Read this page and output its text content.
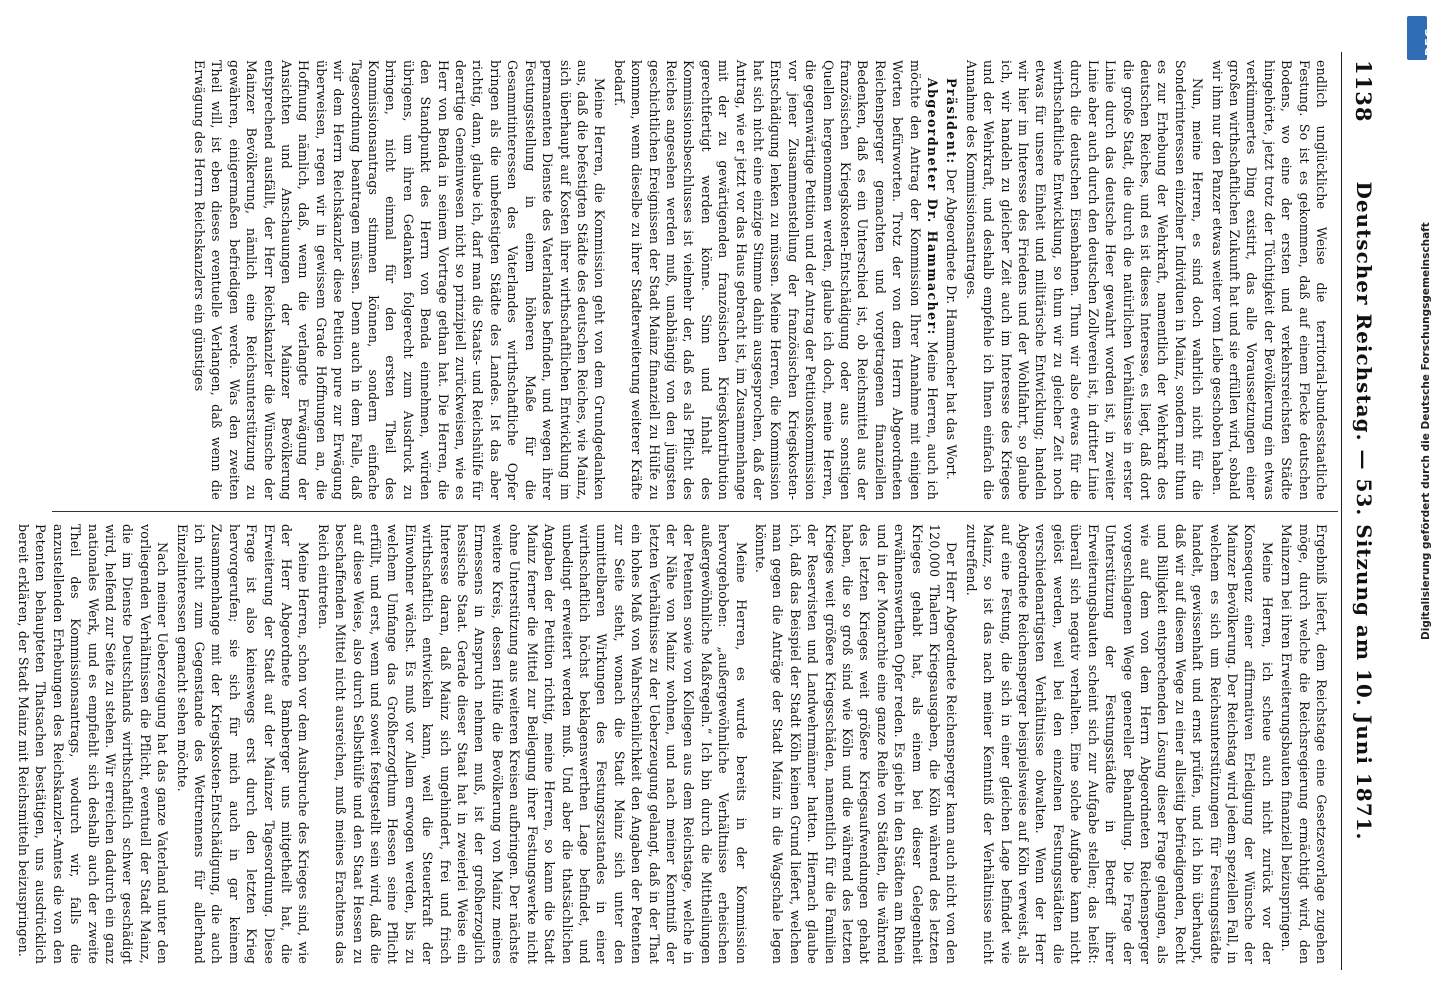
1138
Deutscher Reichstag. — 53. Sitzung am 10. Juni 1871.

endlich unglückliche Weise die territorial-bundesstaatliche Festung. So ist es gekommen, daß auf einem Flecke deutschen Bodens, wo eine der ersten und verkehrsreichsten Städte hingehörte, jetzt trotz der Tüchtigkeit der Bevölkerung ein etwas verkümmertes Ding existirt, das alle Voraussetzungen einer großen wirthschaftlichen Zukunft hat und sie erfüllen wird, sobald wir ihm nur den Panzer etwas weiter vom Leibe geschoben haben.

Nun, meine Herren, es sind doch wahrlich nicht für die Sonderinteressen einzelner Individuen in Mainz, sondern mir thun es zur Erhebung der Wehrkraft, namentlich der Wehrkraft des deutschen Reiches, und es ist dieses Interesse, es liegt, daß dort die große Stadt, die durch die natürlichen Verhältnisse in erster Linie durch das deutsche Heer gewahrt worden ist, in zweiter Linie aber auch durch den deutschen Zollverein ist, in dritter Linie durch die deutschen Eisenbahnen. Thun wir also etwas für die wirthschaftliche Entwicklung, so thun wir zu gleicher Zeit noch etwas für unsere Einheit und militärische Entwicklung; handeln wir hier im Interesse des Friedens und der Wohlfahrt, so glaube ich, wir handeln zu gleicher Zeit auch im Interesse des Krieges und der Wehrkraft, und deshalb empfehle ich Ihnen einfach die Annahme des Kommissionsantrages.

Präsident: Der Abgeordnete Dr. Hammacher hat das Wort.

Abgeordneter Dr. Hammacher: Meine Herren, auch ich möchte den Antrag der Kommission Ihrer Annahme mit einigen Worten befürworten. Trotz der von dem Herrn Abgeordneten Reichensperger gemachten und vorgetragenen finanziellen Bedenken, daß es ein Unterschied ist, ob Reichsmittel aus der französischen Kriegskosten-Entschädigung oder aus sonstigen Quellen hergenommen werden, glaube ich doch, meine Herren, die gegenwärtige Petition und der Antrag der Petitionskommission vor jener Zusammenstellung der französischen Kriegskosten-Entschädigung lenken zu müssen. Meine Herren, die Kommission hat sich nicht eine einzige Stimme dahin ausgesprochen, daß der Antrag, wie er jetzt vor das Haus gebracht ist, im Zusammenhange mit der zu gewärtigenden französischen Kriegskontribution gerechtfertigt werden könne. Sinn und Inhalt des Kommissionsbeschlusses ist vielmehr der, daß es als Pflicht des Reiches angesehen werden muß, unabhängig von den jüngsten geschichtlichen Ereignissen der Stadt Mainz finanziell zu Hülfe zu kommen, wenn dieselbe zu ihrer Stadterweiterung weiterer Kräfte bedarf.

Meine Herren, die Kommission geht von dem Grundgedanken aus, daß die befestigten Städte des deutschen Reiches, wie Mainz, sich überhaupt auf Kosten ihrer wirthschaftlichen Entwicklung im permanenten Dienste des Vaterlandes befinden, und wegen ihrer Festungsstellung in einem höheren Maße für die Gesammtinteressen des Vaterlandes wirthschaftliche Opfer bringen als die unbefestigten Städte des Landes. Ist das aber richtig, dann, glaube ich, darf man die Staats- und Reichshülfe für derartige Gemeinwesen nicht so prinzipiell zurückweisen, wie es Herr von Benda in seinem Vortrage gethan hat. Die Herren, die den Standpunkt des Herrn von Benda einnehmen, würden übrigens, um ihren Gedanken folgerecht zum Ausdruck zu bringen, nicht einmal für den ersten Theil des Kommissionsantrags stimmen können, sondern einfache Tagesordnung beantragen müssen. Denn auch in dem Falle, daß wir dem Herrn Reichskanzler diese Petition pure zur Erwägung überweisen, regen wir in gewissem Grade Hoffnungen an, die Hoffnung nämlich, daß, wenn die verlangte Erwägung der Ansichten und Anschauungen der Mainzer Bevölkerung entsprechend ausfällt, der Herr Reichskanzler die Wünsche der Mainzer Bevölkerung, nämlich eine Reichsunterstützung zu gewähren, einigermaßen befriedigen werde. Was den zweiten Theil will, ist eben dieses eventuelle Verlangen, daß wenn die Erwägung des Herrn Reichskanzlers ein günstiges

Ergebniß liefert, dem Reichstage eine Gesetzesvorlage zugehen möge, durch welche die Reichsregierung ermächtigt wird, den Mainzern bei ihren Erweiterungsbauten finanziell beizuspringen.

Meine Herren, ich scheue auch nicht zurück vor der Konsequenz einer affirmativen Erledigung der Wünsche der Mainzer Bevölkerung. Der Reichstag wird jedem speziellen Fall, in welchem es sich um Reichsunterstützungen für Festungsstädte handelt, gewissenhaft und ernst prüfen, und ich bin überhaupt, daß wir auf diesem Wege zu einer allseitig befriedigenden, Recht und Billigkeit entsprechenden Lösung dieser Frage gelangen, als wie auf dem von dem Herrn Abgeordneten Reichensperger vorgeschlagenen Wege genereller Behandlung. Die Frage der Unterstützung der Festungsstädte in Betreff ihrer Erweiterungsbauten scheint sich zur Aufgabe stellen; das heißt: überall sich negativ verhalten. Eine solche Aufgabe kann nicht gelöst werden, weil bei den einzelnen Festungsstädten die verschiedenartigsten Verhältnisse obwalten. Wenn der Herr Abgeordnete Reichensperger beispielsweise auf Köln verweist, als auf eine Festung, die sich in einer gleichen Lage befindet wie Mainz, so ist das nach meiner Kenntniß der Verhältnisse nicht zutreffend.

Der Herr Abgeordnete Reichensperger kann auch nicht von den 120,000 Thalern Kriegsausgaben, die Köln während des letzten Krieges gehabt hat, als einem bei dieser Gelegenheit erwähnenswerthen Opfer reden. Es giebt in den Städten am Rhein und in der Monarchie eine ganze Reihe von Städten, die während des letzten Krieges weit größere Kriegsaufwendungen gehabt haben, die so groß sind wie Köln und die während des letzten Krieges weit größere Kriegsschäden, namentlich für die Familien der Reservisten und Landwehrmänner hatten. Hiernach glaube ich, daß das Beispiel der Stadt Köln keinen Grund liefert, welchen man gegen die Anträge der Stadt Mainz in die Wagschale legen könnte.

Meine Herren, es wurde bereits in der Kommission hervorgehoben: „außergewöhnliche Verhältnisse erheischen außergewöhnliche Maßregeln.“ Ich bin durch die Mittheilungen der Petenten sowie von Kollegen aus dem Reichstage, welche in der Nähe von Mainz wohnen, und nach meiner Kenntniß der letzten Verhältnisse zu der Ueberzeugung gelangt, daß in der That ein hohes Maß von Wahrscheinlichkeit den Angaben der Petenten zur Seite steht, wonach die Stadt Mainz sich unter den unmittelbaren Wirkungen des Festungszustandes in einer wirthschaftlich höchst beklagenswerthen Lage befindet, und unbedingt erweitert werden muß. Und aber die thatsächlichen Angaben der Petition richtig, meine Herren, so kann die Stadt Mainz ferner die Mittel zur Beilegung ihrer Festungswerke nicht ohne Unterstützung aus weiteren Kreisen aufbringen. Der nächste weitere Kreis, dessen Hülfe die Bevölkerung von Mainz meines Ermessens in Anspruch nehmen muß, ist der großherzoglich hessische Staat. Gerade dieser Staat hat in zweierlei Weise ein Interesse daran, daß Mainz sich ungehindert, frei und frisch wirthschaftlich entwickeln kann, weil die Steuerkraft der Einwohner wächst. Es muß vor Allem erwogen werden, bis zu welchem Umfange das Großherzogthum Hessen seine Pflicht erfüllt, und erst, wenn und soweit festgestellt sein wird, daß die auf diese Weise, also durch Selbsthülfe und den Staat Hessen zu beschaffenden Mittel nicht ausreichen, muß meines Erachtens das Reich eintreten.

Meine Herren, schon vor dem Ausbruche des Krieges sind, wie der Herr Abgeordnete Bamberger uns mitgetheilt hat, die Erweiterung der Stadt auf der Mainzer Tagesordnung. Diese Frage ist also keineswegs erst durch den letzten Krieg hervorgerufen; sie sich für mich auch in gar keinem Zusammenhange mit der Kriegskosten-Entschädigung, die auch ich nicht zum Gegenstande des Wettrennens für allerhand Einzelinteressen gemacht sehen möchte.

Nach meiner Ueberzeugung hat das ganze Vaterland unter den vorliegenden Verhältnissen die Pflicht, eventuell der Stadt Mainz, die im Dienste Deutschlands wirthschaftlich schwer geschädigt wird, helfend zur Seite zu stehen. Wir erreichen dadurch ein ganz nationales Werk, und es empfiehlt sich deshalb auch der zweite Theil des Kommissionsantrags, wodurch wir, falls die anzustellenden Erhebungen des Reichskanzler-Amtes die von den Petenten behaupteten Thatsachen bestätigen, uns ausdrücklich bereit erklären, der Stadt Mainz mit Reichsmitteln beizuspringen.

DFG
Digitalisierung gefördert durch die Deutsche Forschungsgemeinschaft
